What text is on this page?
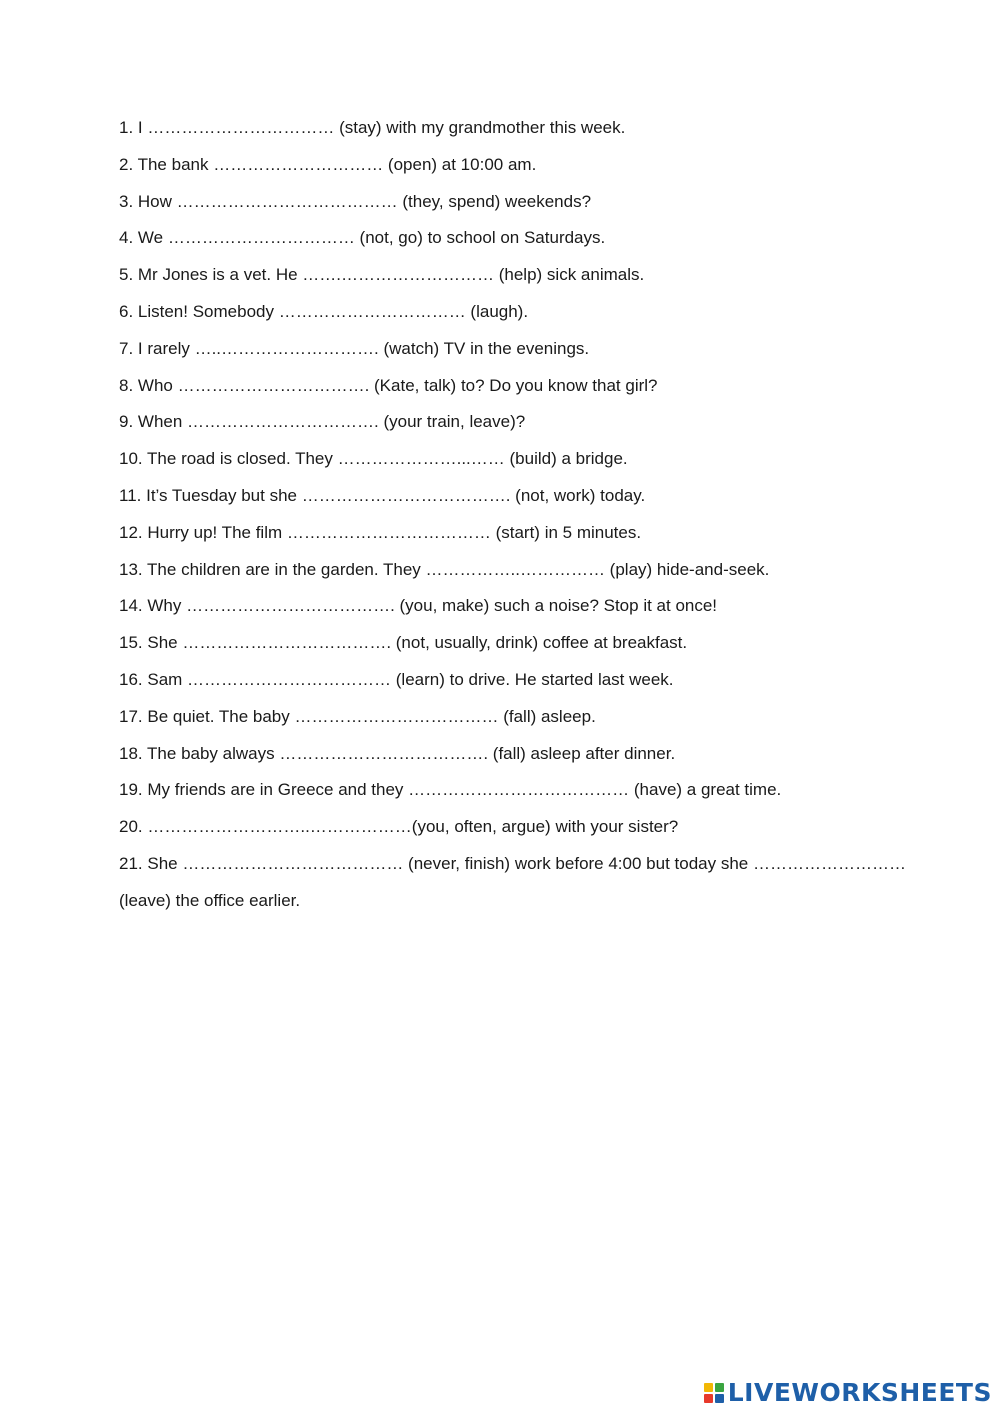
1. I …………………………… (stay) with my grandmother this week.
2. The bank ………………………… (open) at 10:00 am.
3. How ………………………………… (they, spend) weekends?
4. We …………………………… (not, go) to school on Saturdays.
5. Mr Jones is a vet. He …….……………………… (help) sick animals.
6. Listen! Somebody …………………………… (laugh).
7. I rarely …..………………………. (watch) TV in the evenings.
8. Who ……………………………. (Kate, talk) to? Do you know that girl?
9. When ……………………………. (your train, leave)?
10. The road is closed. They …………………...…… (build) a bridge.
11. It’s Tuesday but she ………………………………. (not, work) today.
12. Hurry up! The film ……………………………… (start) in 5 minutes.
13. The children are in the garden. They ……………..…………… (play) hide-and-seek.
14. Why ………………………………. (you, make) such a noise? Stop it at once!
15. She ………………………………. (not, usually, drink) coffee at breakfast.
16. Sam ……………………………… (learn) to drive. He started last week.
17. Be quiet. The baby ……………………………… (fall) asleep.
18. The baby always ………………………………. (fall) asleep after dinner.
19. My friends are in Greece and they ………………………………… (have) a great time.
20. ………………………..………………(you, often, argue) with your sister?
21. She ………………………………… (never, finish) work before 4:00 but today she ………………………
(leave) the office earlier.
LIVEWORKSHEETS
